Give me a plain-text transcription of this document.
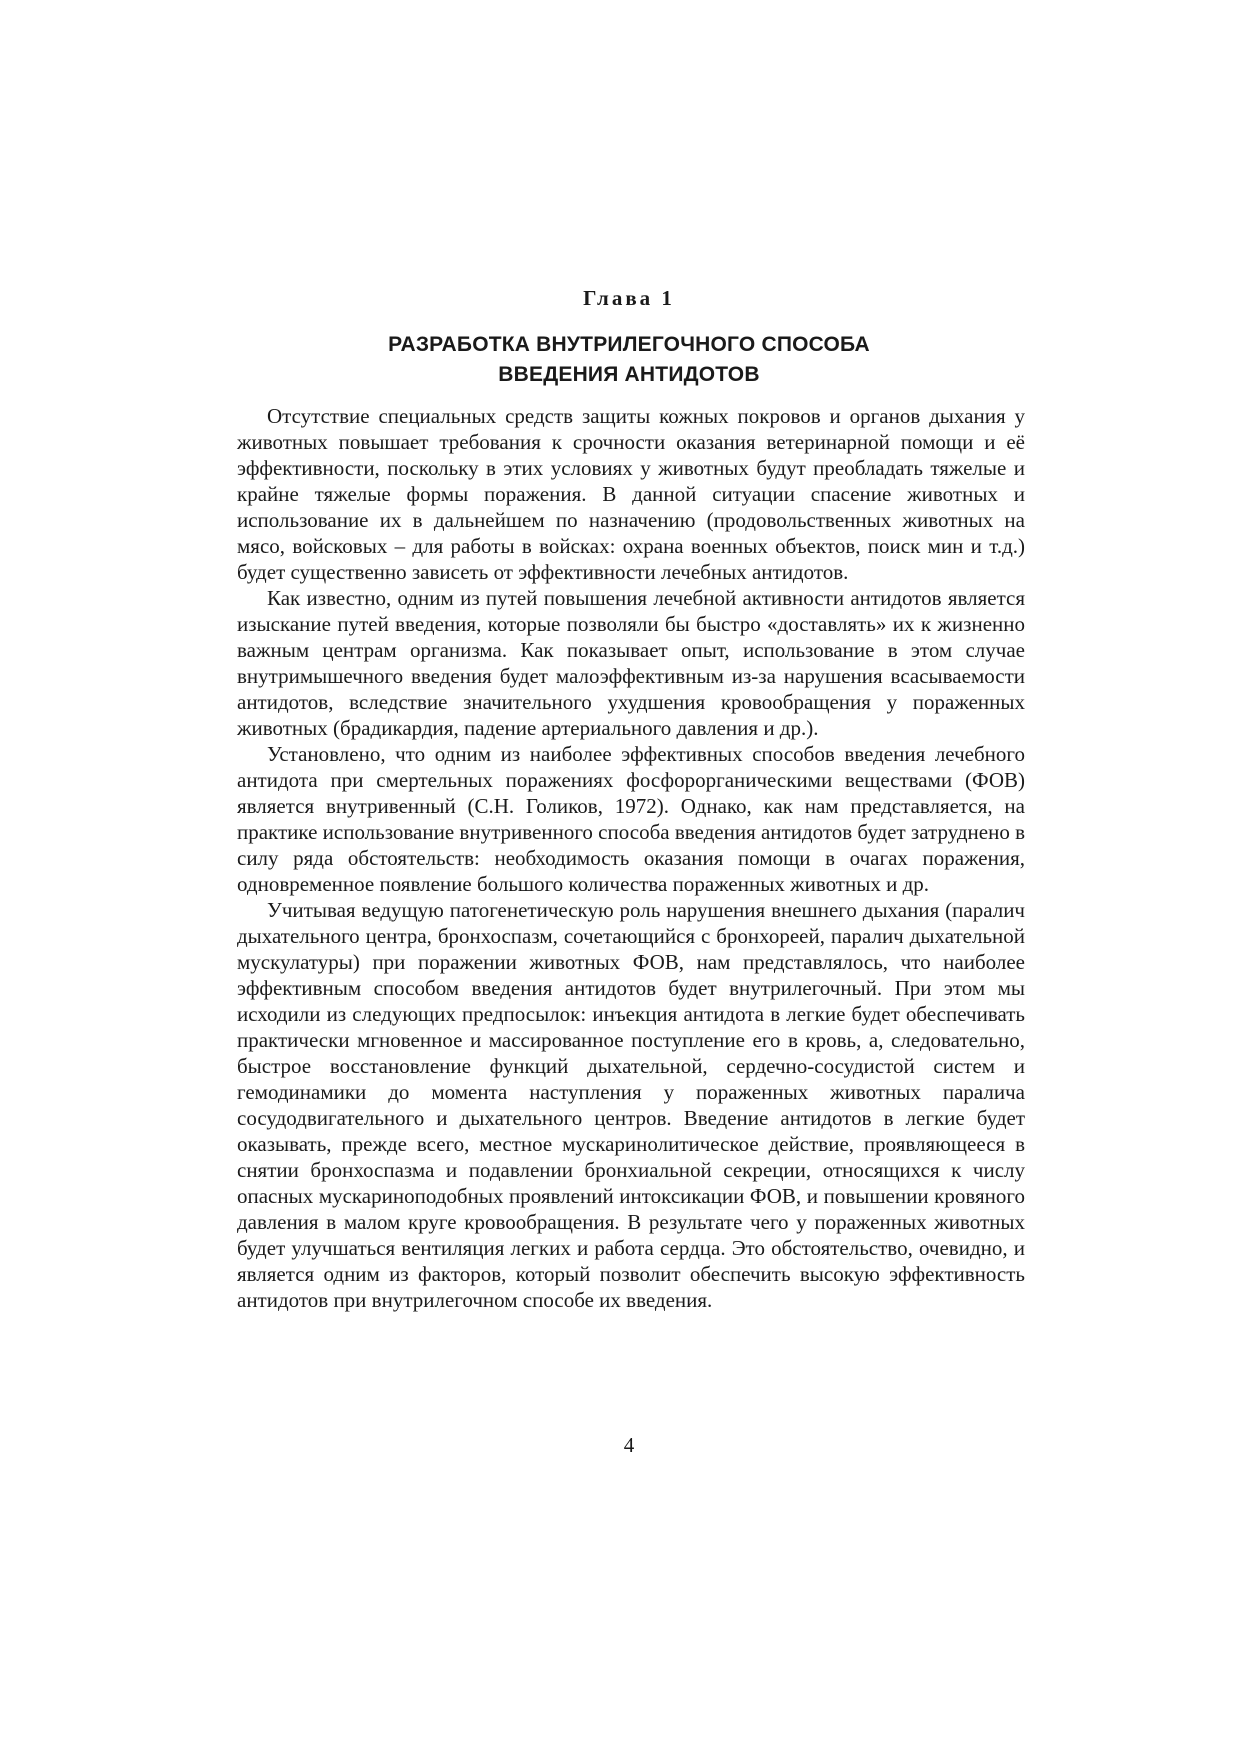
Глава 1
РАЗРАБОТКА ВНУТРИЛЕГОЧНОГО СПОСОБА
ВВЕДЕНИЯ АНТИДОТОВ

Отсутствие специальных средств защиты кожных покровов и органов дыхания у животных повышает требования к срочности оказания ветеринарной помощи и её эффективности, поскольку в этих условиях у животных будут преобладать тяжелые и крайне тяжелые формы поражения. В данной ситуации спасение животных и использование их в дальнейшем по назначению (продовольственных животных на мясо, войсковых – для работы в войсках: охрана военных объектов, поиск мин и т.д.) будет существенно зависеть от эффективности лечебных антидотов.

Как известно, одним из путей повышения лечебной активности антидотов является изыскание путей введения, которые позволяли бы быстро «доставлять» их к жизненно важным центрам организма. Как показывает опыт, использование в этом случае внутримышечного введения будет малоэффективным из-за нарушения всасываемости антидотов, вследствие значительного ухудшения кровообращения у пораженных животных (брадикардия, падение артериального давления и др.).

Установлено, что одним из наиболее эффективных способов введения лечебного антидота при смертельных поражениях фосфорорганическими веществами (ФОВ) является внутривенный (С.Н. Голиков, 1972). Однако, как нам представляется, на практике использование внутривенного способа введения антидотов будет затруднено в силу ряда обстоятельств: необходимость оказания помощи в очагах поражения, одновременное появление большого количества пораженных животных и др.

Учитывая ведущую патогенетическую роль нарушения внешнего дыхания (паралич дыхательного центра, бронхоспазм, сочетающийся с бронхореей, паралич дыхательной мускулатуры) при поражении животных ФОВ, нам представлялось, что наиболее эффективным способом введения антидотов будет внутрилегочный. При этом мы исходили из следующих предпосылок: инъекция антидота в легкие будет обеспечивать практически мгновенное и массированное поступление его в кровь, а, следовательно, быстрое восстановление функций дыхательной, сердечно-сосудистой систем и гемодинамики до момента наступления у пораженных животных паралича сосудодвигательного и дыхательного центров. Введение антидотов в легкие будет оказывать, прежде всего, местное мускаринолитическое действие, проявляющееся в снятии бронхоспазма и подавлении бронхиальной секреции, относящихся к числу опасных мускариноподобных проявлений интоксикации ФОВ, и повышении кровяного давления в малом круге кровообращения. В результате чего у пораженных животных будет улучшаться вентиляция легких и работа сердца. Это обстоятельство, очевидно, и является одним из факторов, который позволит обеспечить высокую эффективность антидотов при внутрилегочном способе их введения.

4
